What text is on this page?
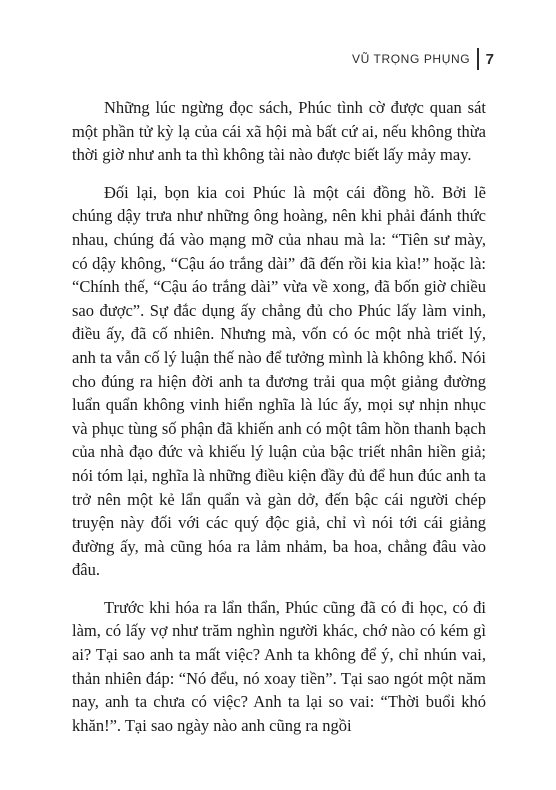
VŨ TRỌNG PHỤNG 7

Những lúc ngừng đọc sách, Phúc tình cờ được quan sát một phần tử kỳ lạ của cái xã hội mà bất cứ ai, nếu không thừa thời giờ như anh ta thì không tài nào được biết lấy mảy may.

Đối lại, bọn kia coi Phúc là một cái đồng hồ. Bởi lẽ chúng dậy trưa như những ông hoàng, nên khi phải đánh thức nhau, chúng đá vào mạng mỡ của nhau mà la: “Tiên sư mày, có dậy không, “Cậu áo trắng dài” đã đến rồi kia kìa!” hoặc là: “Chính thế, “Cậu áo trắng dài” vừa về xong, đã bốn giờ chiều sao được”. Sự đắc dụng ấy chẳng đủ cho Phúc lấy làm vinh, điều ấy, đã cố nhiên. Nhưng mà, vốn có óc một nhà triết lý, anh ta vẫn cố lý luận thế nào để tưởng mình là không khổ. Nói cho đúng ra hiện đời anh ta đương trải qua một giảng đường luẩn quẩn không vinh hiển nghĩa là lúc ấy, mọi sự nhịn nhục và phục tùng số phận đã khiến anh có một tâm hồn thanh bạch của nhà đạo đức và khiếu lý luận của bậc triết nhân hiền giả; nói tóm lại, nghĩa là những điều kiện đầy đủ để hun đúc anh ta trở nên một kẻ lẩn quẩn và gàn dở, đến bậc cái người chép truyện này đối với các quý độc giả, chỉ vì nói tới cái giảng đường ấy, mà cũng hóa ra lảm nhảm, ba hoa, chẳng đâu vào đâu.

Trước khi hóa ra lẩn thẩn, Phúc cũng đã có đi học, có đi làm, có lấy vợ như trăm nghìn người khác, chớ nào có kém gì ai? Tại sao anh ta mất việc? Anh ta không để ý, chỉ nhún vai, thản nhiên đáp: “Nó đểu, nó xoay tiền”. Tại sao ngót một năm nay, anh ta chưa có việc? Anh ta lại so vai: “Thời buổi khó khăn!”. Tại sao ngày nào anh cũng ra ngồi
